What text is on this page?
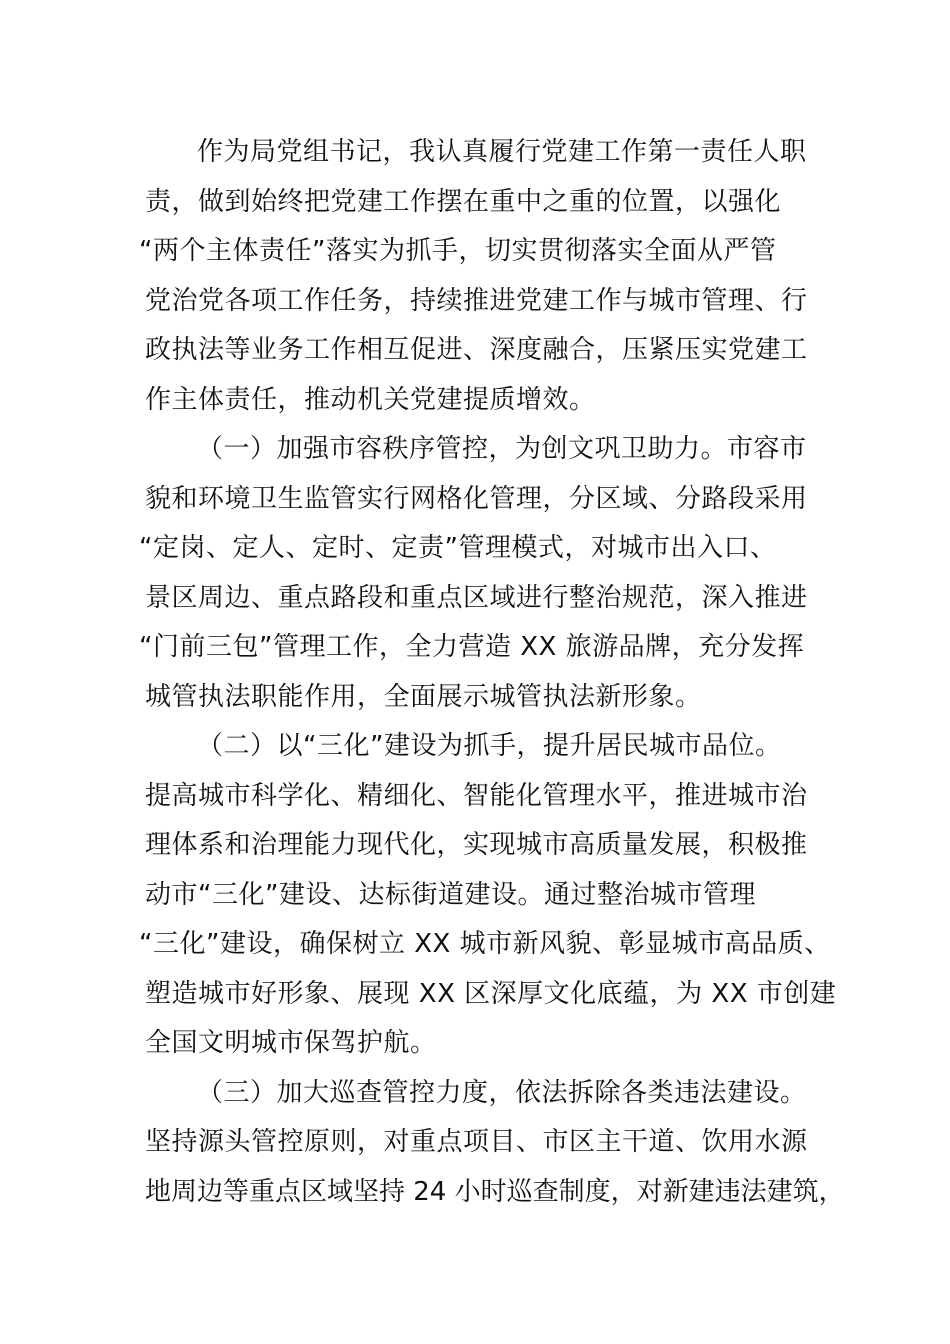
作为局党组书记，我认真履行党建工作第一责任人职
责，做到始终把党建工作摆在重中之重的位置，以强化
“两个主体责任”落实为抓手，切实贯彻落实全面从严管
党治党各项工作任务，持续推进党建工作与城市管理、行
政执法等业务工作相互促进、深度融合，压紧压实党建工
作主体责任，推动机关党建提质增效。
（一）加强市容秩序管控，为创文巩卫助力。市容市
貌和环境卫生监管实行网格化管理，分区域、分路段采用
“定岗、定人、定时、定责”管理模式，对城市出入口、
景区周边、重点路段和重点区域进行整治规范，深入推进
“门前三包”管理工作，全力营造 XX 旅游品牌，充分发挥
城管执法职能作用，全面展示城管执法新形象。
（二）以“三化”建设为抓手，提升居民城市品位。
提高城市科学化、精细化、智能化管理水平，推进城市治
理体系和治理能力现代化，实现城市高质量发展，积极推
动市“三化”建设、达标街道建设。通过整治城市管理
“三化”建设，确保树立 XX 城市新风貌、彰显城市高品质、
塑造城市好形象、展现 XX 区深厚文化底蕴，为 XX 市创建
全国文明城市保驾护航。
（三）加大巡查管控力度，依法拆除各类违法建设。
坚持源头管控原则，对重点项目、市区主干道、饮用水源
地周边等重点区域坚持 24 小时巡查制度，对新建违法建筑，
